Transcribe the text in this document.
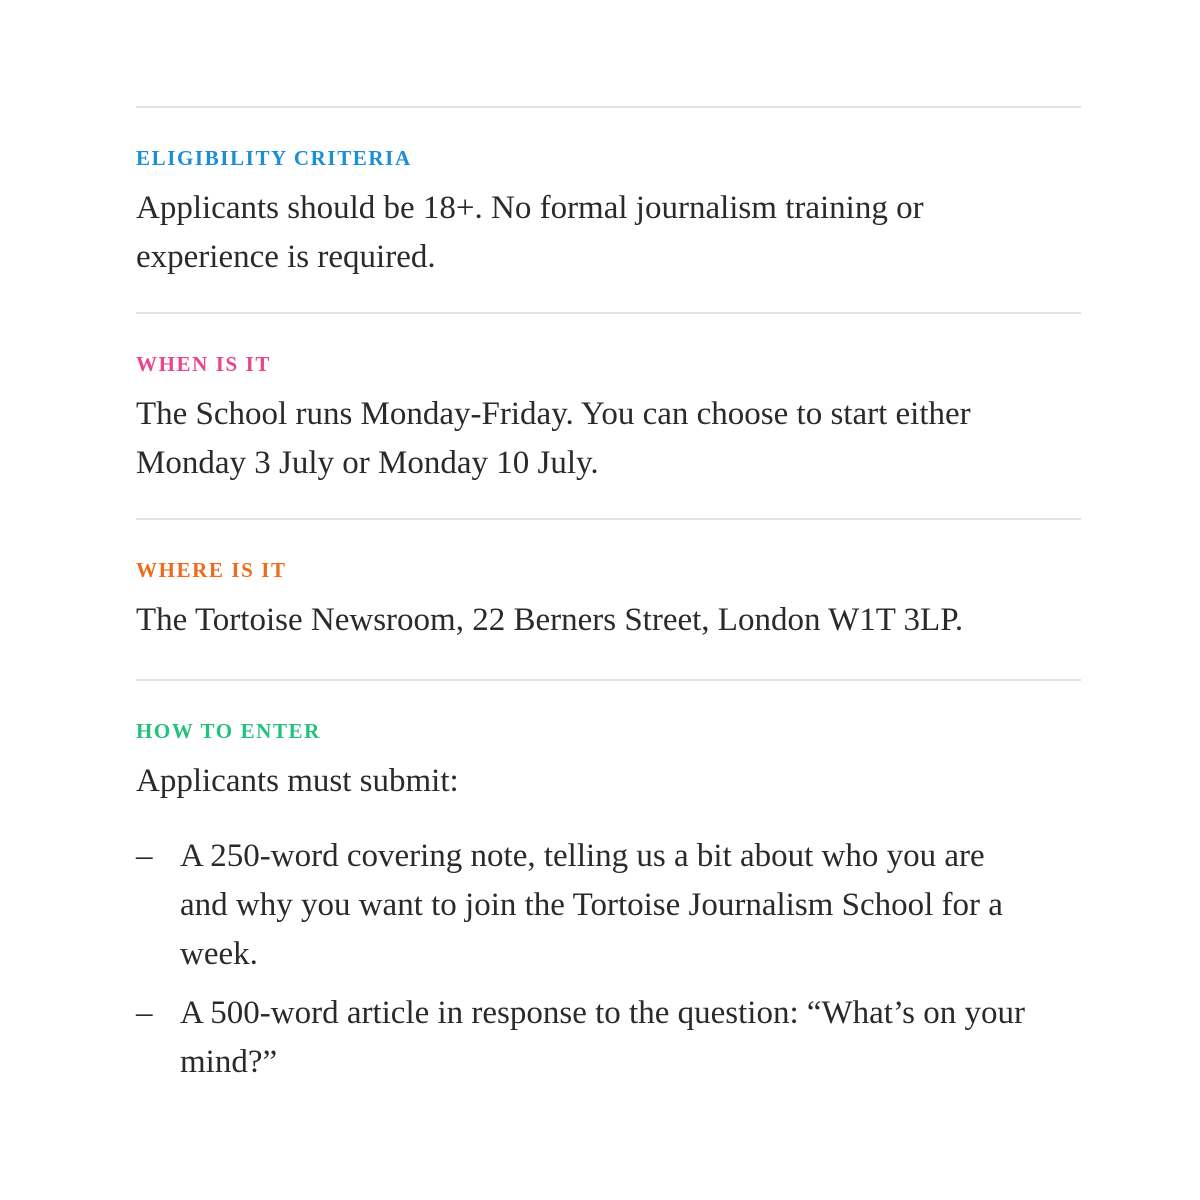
ELIGIBILITY CRITERIA

Applicants should be 18+. No formal journalism training or experience is required.

WHEN IS IT

The School runs Monday-Friday. You can choose to start either Monday 3 July or Monday 10 July.

WHERE IS IT

The Tortoise Newsroom, 22 Berners Street, London W1T 3LP.

HOW TO ENTER

Applicants must submit:

– A 250-word covering note, telling us a bit about who you are and why you want to join the Tortoise Journalism School for a week.
– A 500-word article in response to the question: “What’s on your mind?”
